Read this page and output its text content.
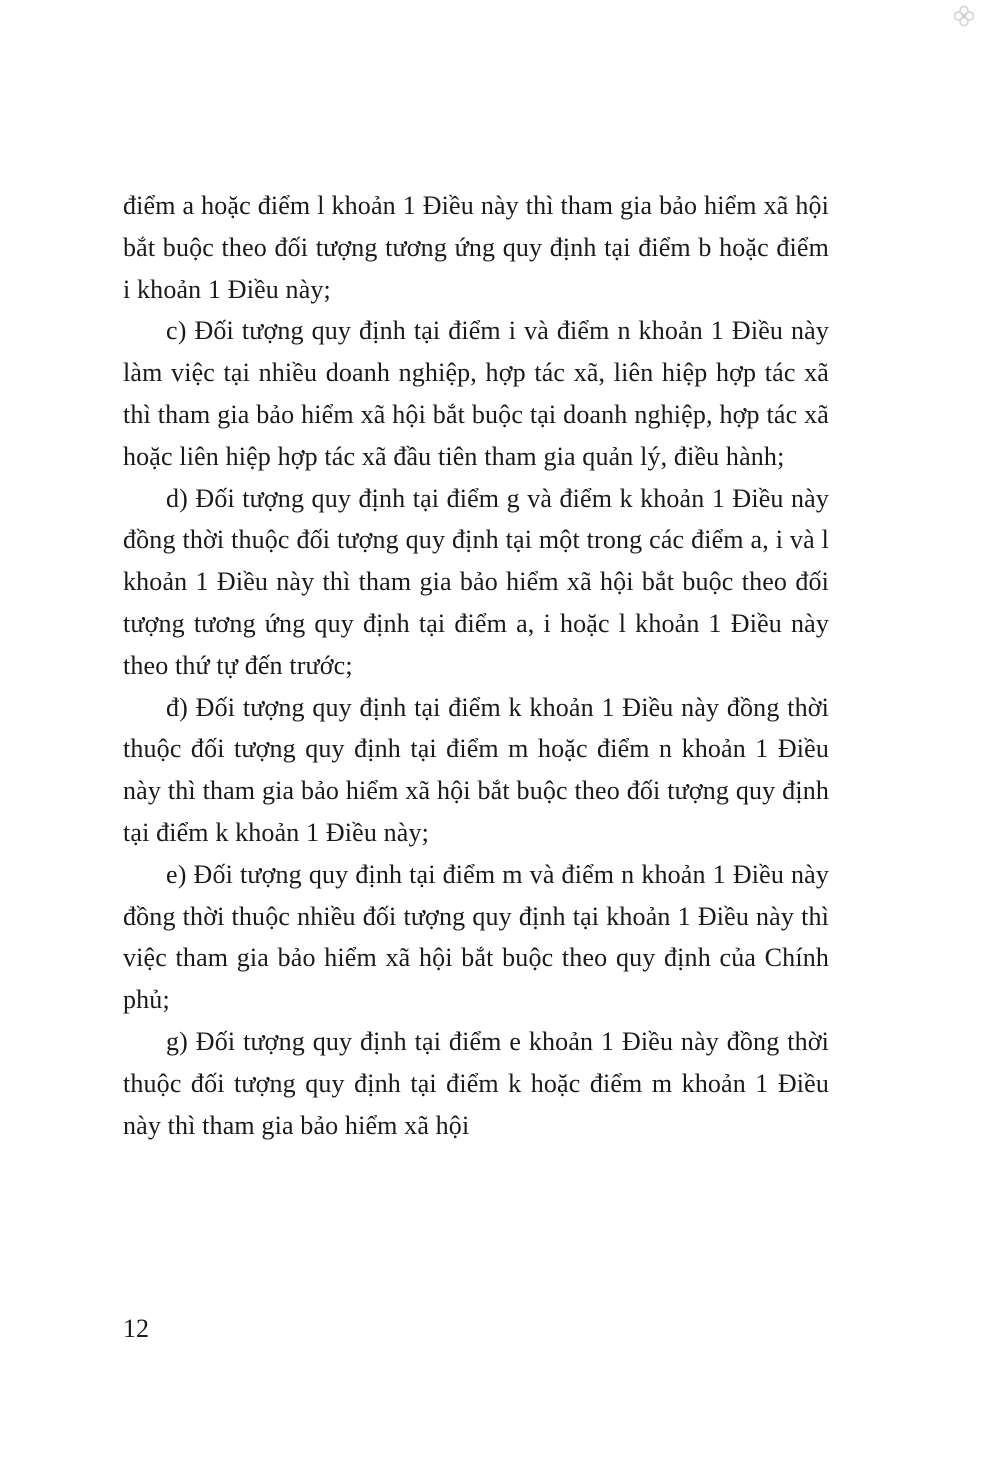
điểm a hoặc điểm l khoản 1 Điều này thì tham gia bảo hiểm xã hội bắt buộc theo đối tượng tương ứng quy định tại điểm b hoặc điểm i khoản 1 Điều này;

c) Đối tượng quy định tại điểm i và điểm n khoản 1 Điều này làm việc tại nhiều doanh nghiệp, hợp tác xã, liên hiệp hợp tác xã thì tham gia bảo hiểm xã hội bắt buộc tại doanh nghiệp, hợp tác xã hoặc liên hiệp hợp tác xã đầu tiên tham gia quản lý, điều hành;

d) Đối tượng quy định tại điểm g và điểm k khoản 1 Điều này đồng thời thuộc đối tượng quy định tại một trong các điểm a, i và l khoản 1 Điều này thì tham gia bảo hiểm xã hội bắt buộc theo đối tượng tương ứng quy định tại điểm a, i hoặc l khoản 1 Điều này theo thứ tự đến trước;

đ) Đối tượng quy định tại điểm k khoản 1 Điều này đồng thời thuộc đối tượng quy định tại điểm m hoặc điểm n khoản 1 Điều này thì tham gia bảo hiểm xã hội bắt buộc theo đối tượng quy định tại điểm k khoản 1 Điều này;

e) Đối tượng quy định tại điểm m và điểm n khoản 1 Điều này đồng thời thuộc nhiều đối tượng quy định tại khoản 1 Điều này thì việc tham gia bảo hiểm xã hội bắt buộc theo quy định của Chính phủ;

g) Đối tượng quy định tại điểm e khoản 1 Điều này đồng thời thuộc đối tượng quy định tại điểm k hoặc điểm m khoản 1 Điều này thì tham gia bảo hiểm xã hội

12
